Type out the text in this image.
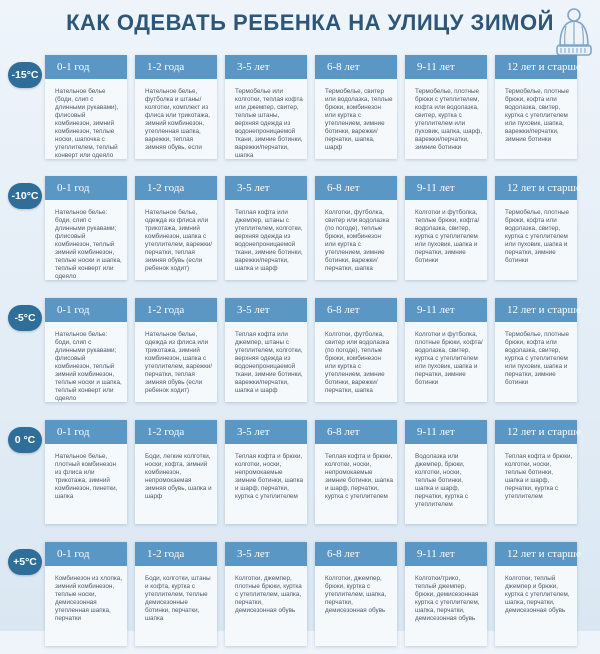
КАК ОДЕВАТЬ РЕБЕНКА НА УЛИЦУ ЗИМОЙ
-15°C
0-1 год
Нательное белье (боди, слип с длинными рукавами), флисовый комбинезон, зимний комбинезон, теплые носки, шапочка с утеплителем, теплый конверт или одеяло
1-2 года
Нательное белье, футболка и штаны/колготки, комплект из флиса или трикотажа, зимний комбинезон, утепленная шапка, варежки, теплая зимняя обувь, если
3-5 лет
Термобелье или колготки, теплая кофта или джемпер, свитер, теплые штаны, верхняя одежда из водонепроницаемой ткани, зимние ботинки, варежки/перчатки, шапка
6-8 лет
Термобелье, свитер или водолазка, теплые брюки, комбинезон или куртка с утеплением, зимние ботинки, варежки/перчатки, шапка, шарф
9-11 лет
Термобелье, плотные брюки с утеплителем, кофта или водолазка, свитер, куртка с утеплителем или пуховик, шапка, шарф, варежки/перчатки, зимние ботинки
12 лет и старше
Термобелье, плотные брюки, кофта или водолазка, свитер, куртка с утеплителем или пуховик, шапка, варежки/перчатки, зимние ботинки
-10°C
0-1 год
Нательное белье: боди, слип с длинными рукавами; флисовый комбинезон, теплый зимний комбинезон, теплые носки и шапка, теплый конверт или одеяло
1-2 года
Нательное белье, одежда из флиса или трикотажа, зимний комбинезон, шапка с утеплителем, варежки/перчатки, теплая зимняя обувь (если ребенок ходит)
3-5 лет
Теплая кофта или джемпер, штаны с утеплителем, колготки, верхняя одежда из водонепроницаемой ткани, зимние ботинки, варежки/перчатки, шапка и шарф
6-8 лет
Колготки, футболка, свитер или водолазка (по погоде), теплые брюки, комбинезон или куртка с утеплением, зимние ботинки, варежки/перчатки, шапка
9-11 лет
Колготки и футболка, теплые брюки, кофта/водолазка, свитер, куртка с утеплителем или пуховик, шапка и перчатки, зимние ботинки
12 лет и старше
Термобелье, плотные брюки, кофта или водолазка, свитер, куртка с утеплителем или пуховик, шапка и перчатки, зимние ботинки
-5°C
0-1 год
Нательное белье: боди, слип с длинными рукавами; флисовый комбинезон, теплый зимний комбинезон, теплые носки и шапка, теплый конверт или одеяло
1-2 года
Нательное белье, одежда из флиса или трикотажа, зимний комбинезон, шапка с утеплителем, варежки/перчатки, теплая зимняя обувь (если ребенок ходит)
3-5 лет
Теплая кофта или джемпер, штаны с утеплителем, колготки, верхняя одежда из водонепроницаемой ткани, зимние ботинки, варежки/перчатки, шапка и шарф
6-8 лет
Колготки, футболка, свитер или водолазка (по погоде), теплые брюки, комбинезон или куртка с утеплением, зимние ботинки, варежки/перчатки, шапка
9-11 лет
Колготки и футболка, плотные брюки, кофта/водолазка, свитер, куртка с утеплителем или пуховик, шапка и перчатки, зимние ботинки
12 лет и старше
Термобелье, плотные брюки, кофта или водолазка, свитер, куртка с утеплителем или пуховик, шапка и перчатки, зимние ботинки
0 °C
0-1 год
Нательное белье, плотный комбинезон из флиса или трикотажа, зимний комбинезон, пинетки, шапка
1-2 года
Боди, легкие колготки, носки, кофта, зимний комбинезон, непромокаемая зимняя обувь, шапка и шарф
3-5 лет
Теплая кофта и брюки, колготки, носки, непромокаемые зимние ботинки, шапка и шарф, перчатки, куртка с утеплителем
6-8 лет
Теплая кофта и брюки, колготки, носки, непромокаемые зимние ботинки, шапка и шарф, перчатки, куртка с утеплителем
9-11 лет
Водолазка или джемпер, брюки, колготки, носки, теплые ботинки, шапка и шарф, перчатки, куртка с утеплителем
12 лет и старше
Теплая кофта и брюки, колготки, носки, теплые ботинки, шапка и шарф, перчатки, куртка с утеплителем
+5°C
0-1 год
Комбинезон из хлопка, зимний комбинезон, теплые носки, демисезонная утепленная шапка, перчатки
1-2 года
Боди, колготки, штаны и кофта, куртка с утеплителем, теплые демисезонные ботинки, перчатки, шапка
3-5 лет
Колготки, джемпер, плотные брюки, куртка с утеплителем, шапка, перчатки, демисезонная обувь
6-8 лет
Колготки, джемпер, брюки, куртка с утеплителем, шапка, перчатки, демисезонная обувь
9-11 лет
Колготки/трико, теплый джемпер, брюки, демисезонная куртка с утеплителем, шапка, перчатки, демисезонная обувь
12 лет и старше
Колготки, теплый джемпер и брюки, куртка с утеплителем, шапка, перчатки, демисезонная обувь
